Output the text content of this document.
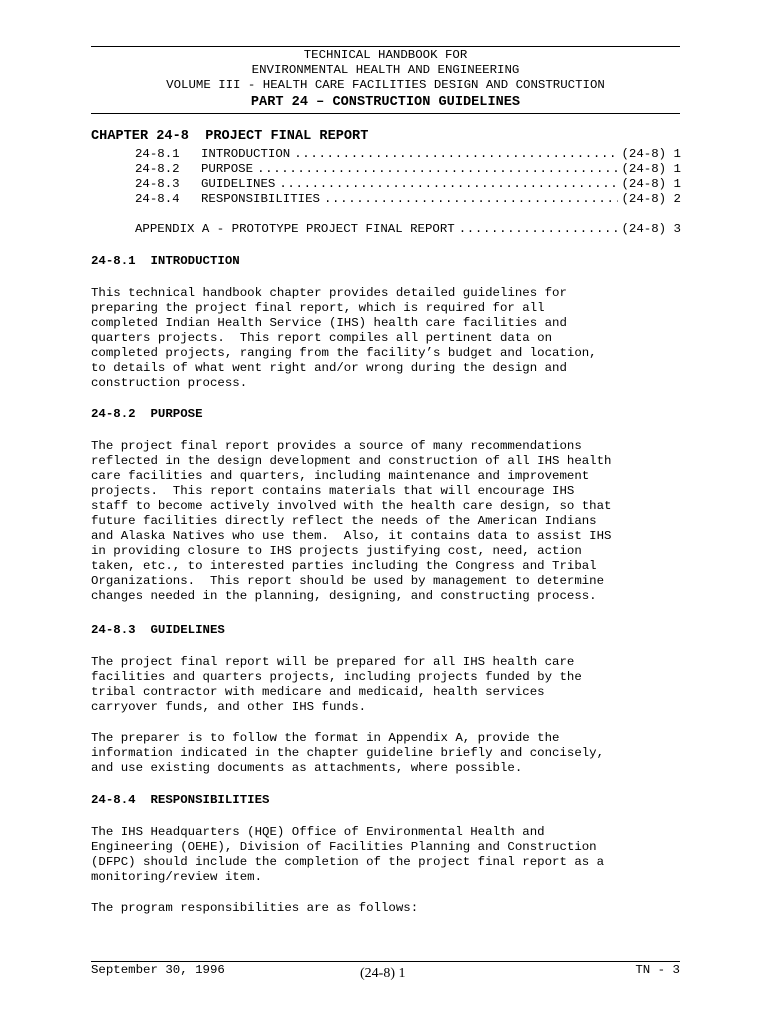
TECHNICAL HANDBOOK FOR
ENVIRONMENTAL HEALTH AND ENGINEERING
VOLUME III - HEALTH CARE FACILITIES DESIGN AND CONSTRUCTION
PART 24 – CONSTRUCTION GUIDELINES
CHAPTER 24-8  PROJECT FINAL REPORT
24-8.1	INTRODUCTION . . .	(24-8) 1
24-8.2	PURPOSE . . .	(24-8) 1
24-8.3	GUIDELINES . . .	(24-8) 1
24-8.4	RESPONSIBILITIES . . .	(24-8) 2
APPENDIX A - PROTOTYPE PROJECT FINAL REPORT . . .	(24-8) 3
24-8.1  INTRODUCTION
This technical handbook chapter provides detailed guidelines for
preparing the project final report, which is required for all
completed Indian Health Service (IHS) health care facilities and
quarters projects.  This report compiles all pertinent data on
completed projects, ranging from the facility’s budget and location,
to details of what went right and/or wrong during the design and
construction process.
24-8.2  PURPOSE
The project final report provides a source of many recommendations
reflected in the design development and construction of all IHS health
care facilities and quarters, including maintenance and improvement
projects.  This report contains materials that will encourage IHS
staff to become actively involved with the health care design, so that
future facilities directly reflect the needs of the American Indians
and Alaska Natives who use them.  Also, it contains data to assist IHS
in providing closure to IHS projects justifying cost, need, action
taken, etc., to interested parties including the Congress and Tribal
Organizations.  This report should be used by management to determine
changes needed in the planning, designing, and constructing process.
24-8.3  GUIDELINES
The project final report will be prepared for all IHS health care
facilities and quarters projects, including projects funded by the
tribal contractor with medicare and medicaid, health services
carryover funds, and other IHS funds.
The preparer is to follow the format in Appendix A, provide the
information indicated in the chapter guideline briefly and concisely,
and use existing documents as attachments, where possible.
24-8.4  RESPONSIBILITIES
The IHS Headquarters (HQE) Office of Environmental Health and
Engineering (OEHE), Division of Facilities Planning and Construction
(DFPC) should include the completion of the project final report as a
monitoring/review item.
The program responsibilities are as follows:
September 30, 1996	(24-8) 1	TN - 3
